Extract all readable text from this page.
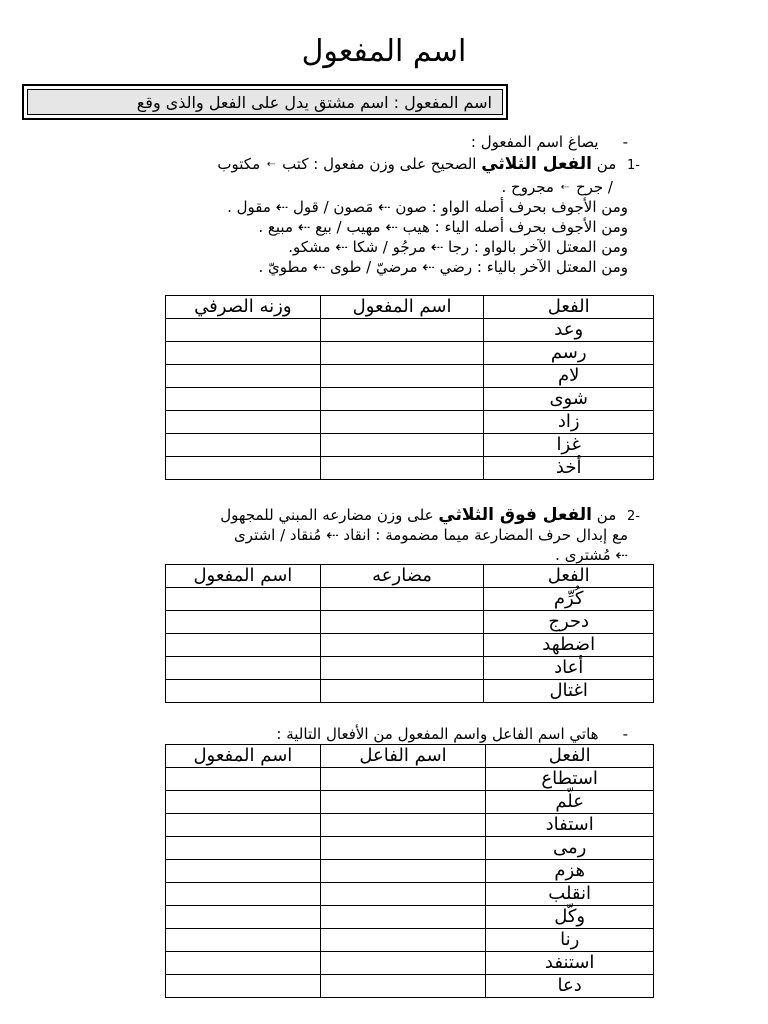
اسم المفعول
اسم المفعول : اسم مشتق يدل على الفعل والذى وقع
-يصاغ اسم المفعول :
-1 من الفعل الثلاثي الصحيح على وزن مفعول : كتب ⇠ مكتوب
/ جرح ⇠ مجروح .
ومن الأجوف بحرف أصله الواو : صون ⇠ مَصون / قول ⇠ مقول .
ومن الأجوف بحرف أصله الياء : هيب ⇠ مهيب / بيع ⇠ مبيع .
ومن المعتل الآخر بالواو : رجا ⇠ مرجُو / شكا ⇠ مشكو.
ومن المعتل الآخر بالياء : رضي ⇠ مرضيّ / طوى ⇠ مطويّ .
الفعل	اسم المفعول	وزنه الصرفي
وعد		
رسم		
لام		
شوى		
زاد		
غزا		
أخذ		
-2 من الفعل فوق الثلاثي على وزن مضارعه المبني للمجهول
مع إبدال حرف المضارعة ميما مضمومة : انقاد ⇠ مُنقاد / اشترى
⇠ مُشترى .
الفعل	مضارعه	اسم المفعول
كُرِّم		
دحرج		
اضطهد		
أعاد		
اغتال		
-هاتي اسم الفاعل واسم المفعول من الأفعال التالية :
الفعل	اسم الفاعل	اسم المفعول
استطاع		
علّم		
استفاد		
رمى		
هزم		
انقلب		
وكّل		
رنا		
استنفد		
دعا		
